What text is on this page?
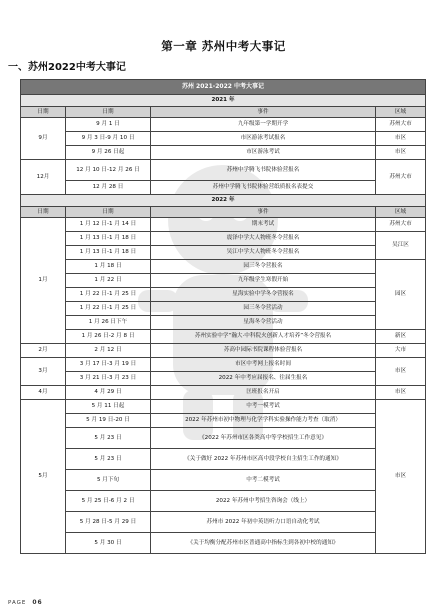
第一章 苏州中考大事记
一、苏州2022中考大事记
苏州 2021-2022 中考大事记			
2021 年			
日期	日期	事件	区域
9月	9 月 1 日	九年级第一学期开学	苏州大市
	9 月 3 日-9 月 10 日	市区游泳考试报名	市区
	9 月 26 日起	市区游泳考试	市区
12月	12 月 10 日-12 月 26 日	苏州中学腾飞书院体验营报名	苏州大市
	12 月 28 日	苏州中学腾飞书院体验营纸质报名表提交	
2022 年			
日期	日期	事件	区域
1月	1 月 12 日-1 月 14 日	期末考试	苏州大市
	1 月 13 日-1 月 18 日	震泽中学大人物班冬令营报名	吴江区
	1 月 13 日-1 月 18 日	吴江中学大人物班冬令营报名	
	1 月 18 日	园三冬令营报名	园区
	1 月 22 日	九年级学生寒假开始	
	1 月 22 日-1 月 25 日	星海实验中学冬令营报名	
	1 月 22 日-1 月 25 日	园三冬令营活动	
	1 月 26 日下午	星海冬令营活动	
	1 月 26 日-2 月 8 日	苏州实验中学“瀚大·中科院火创新人才培养”冬令营报名	新区
2月	2 月 12 日	苏高中园际书院课程体验营报名	大市
3月	3 月 17 日-3 月 19 日	市区中考网上报名时间	市区
	3 月 21 日-3 月 23 日	2022 年中考应届报名、往届生报名	
4月	4 月 29 日	匡班报名开启	市区
5月	5 月 11 日起	中考一模考试	市区
	5 月 19 日-20 日	2022 年苏州市初中物理与化学学科实验操作能力考查（取消）	
	5 月 23 日	《2022 年苏州市区各类高中等学校招生工作意见》	
	5 月 23 日	《关于做好 2022 年苏州市区高中段学校自主招生工作的通知》	
	5 月下旬	中考二模考试	
	5 月 25 日-6 月 2 日	2022 年苏州中考招生咨询会（线上）	
	5 月 28 日-5 月 29 日	苏州市 2022 年初中英语听力口语自动化考试	
	5 月 30 日	《关于均衡分配苏州市区普通高中指标生到各初中校的通知》	
PAGE 06
